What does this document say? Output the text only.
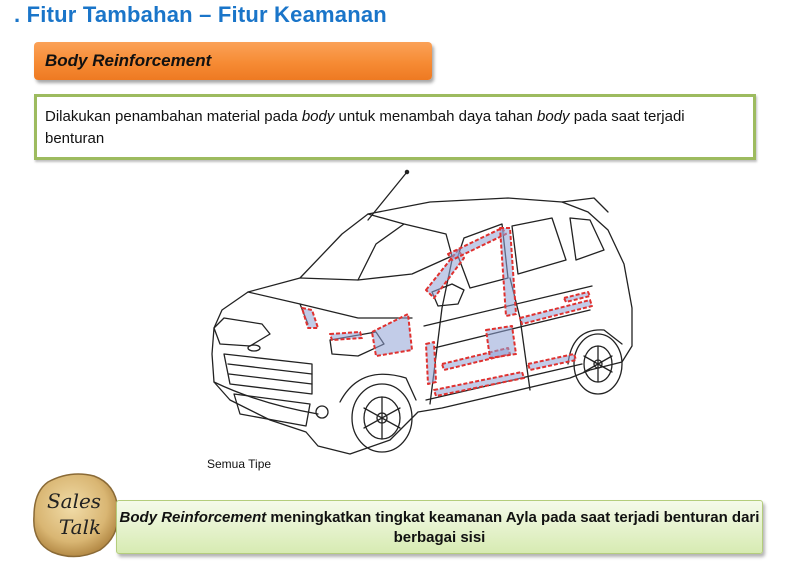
. Fitur Tambahan – Fitur Keamanan
Body Reinforcement
Dilakukan penambahan material pada body untuk menambah daya tahan body pada saat terjadi benturan
Semua Tipe
Sales
Talk Body Reinforcement meningkatkan tingkat keamanan Ayla pada saat terjadi benturan dari berbagai sisi
